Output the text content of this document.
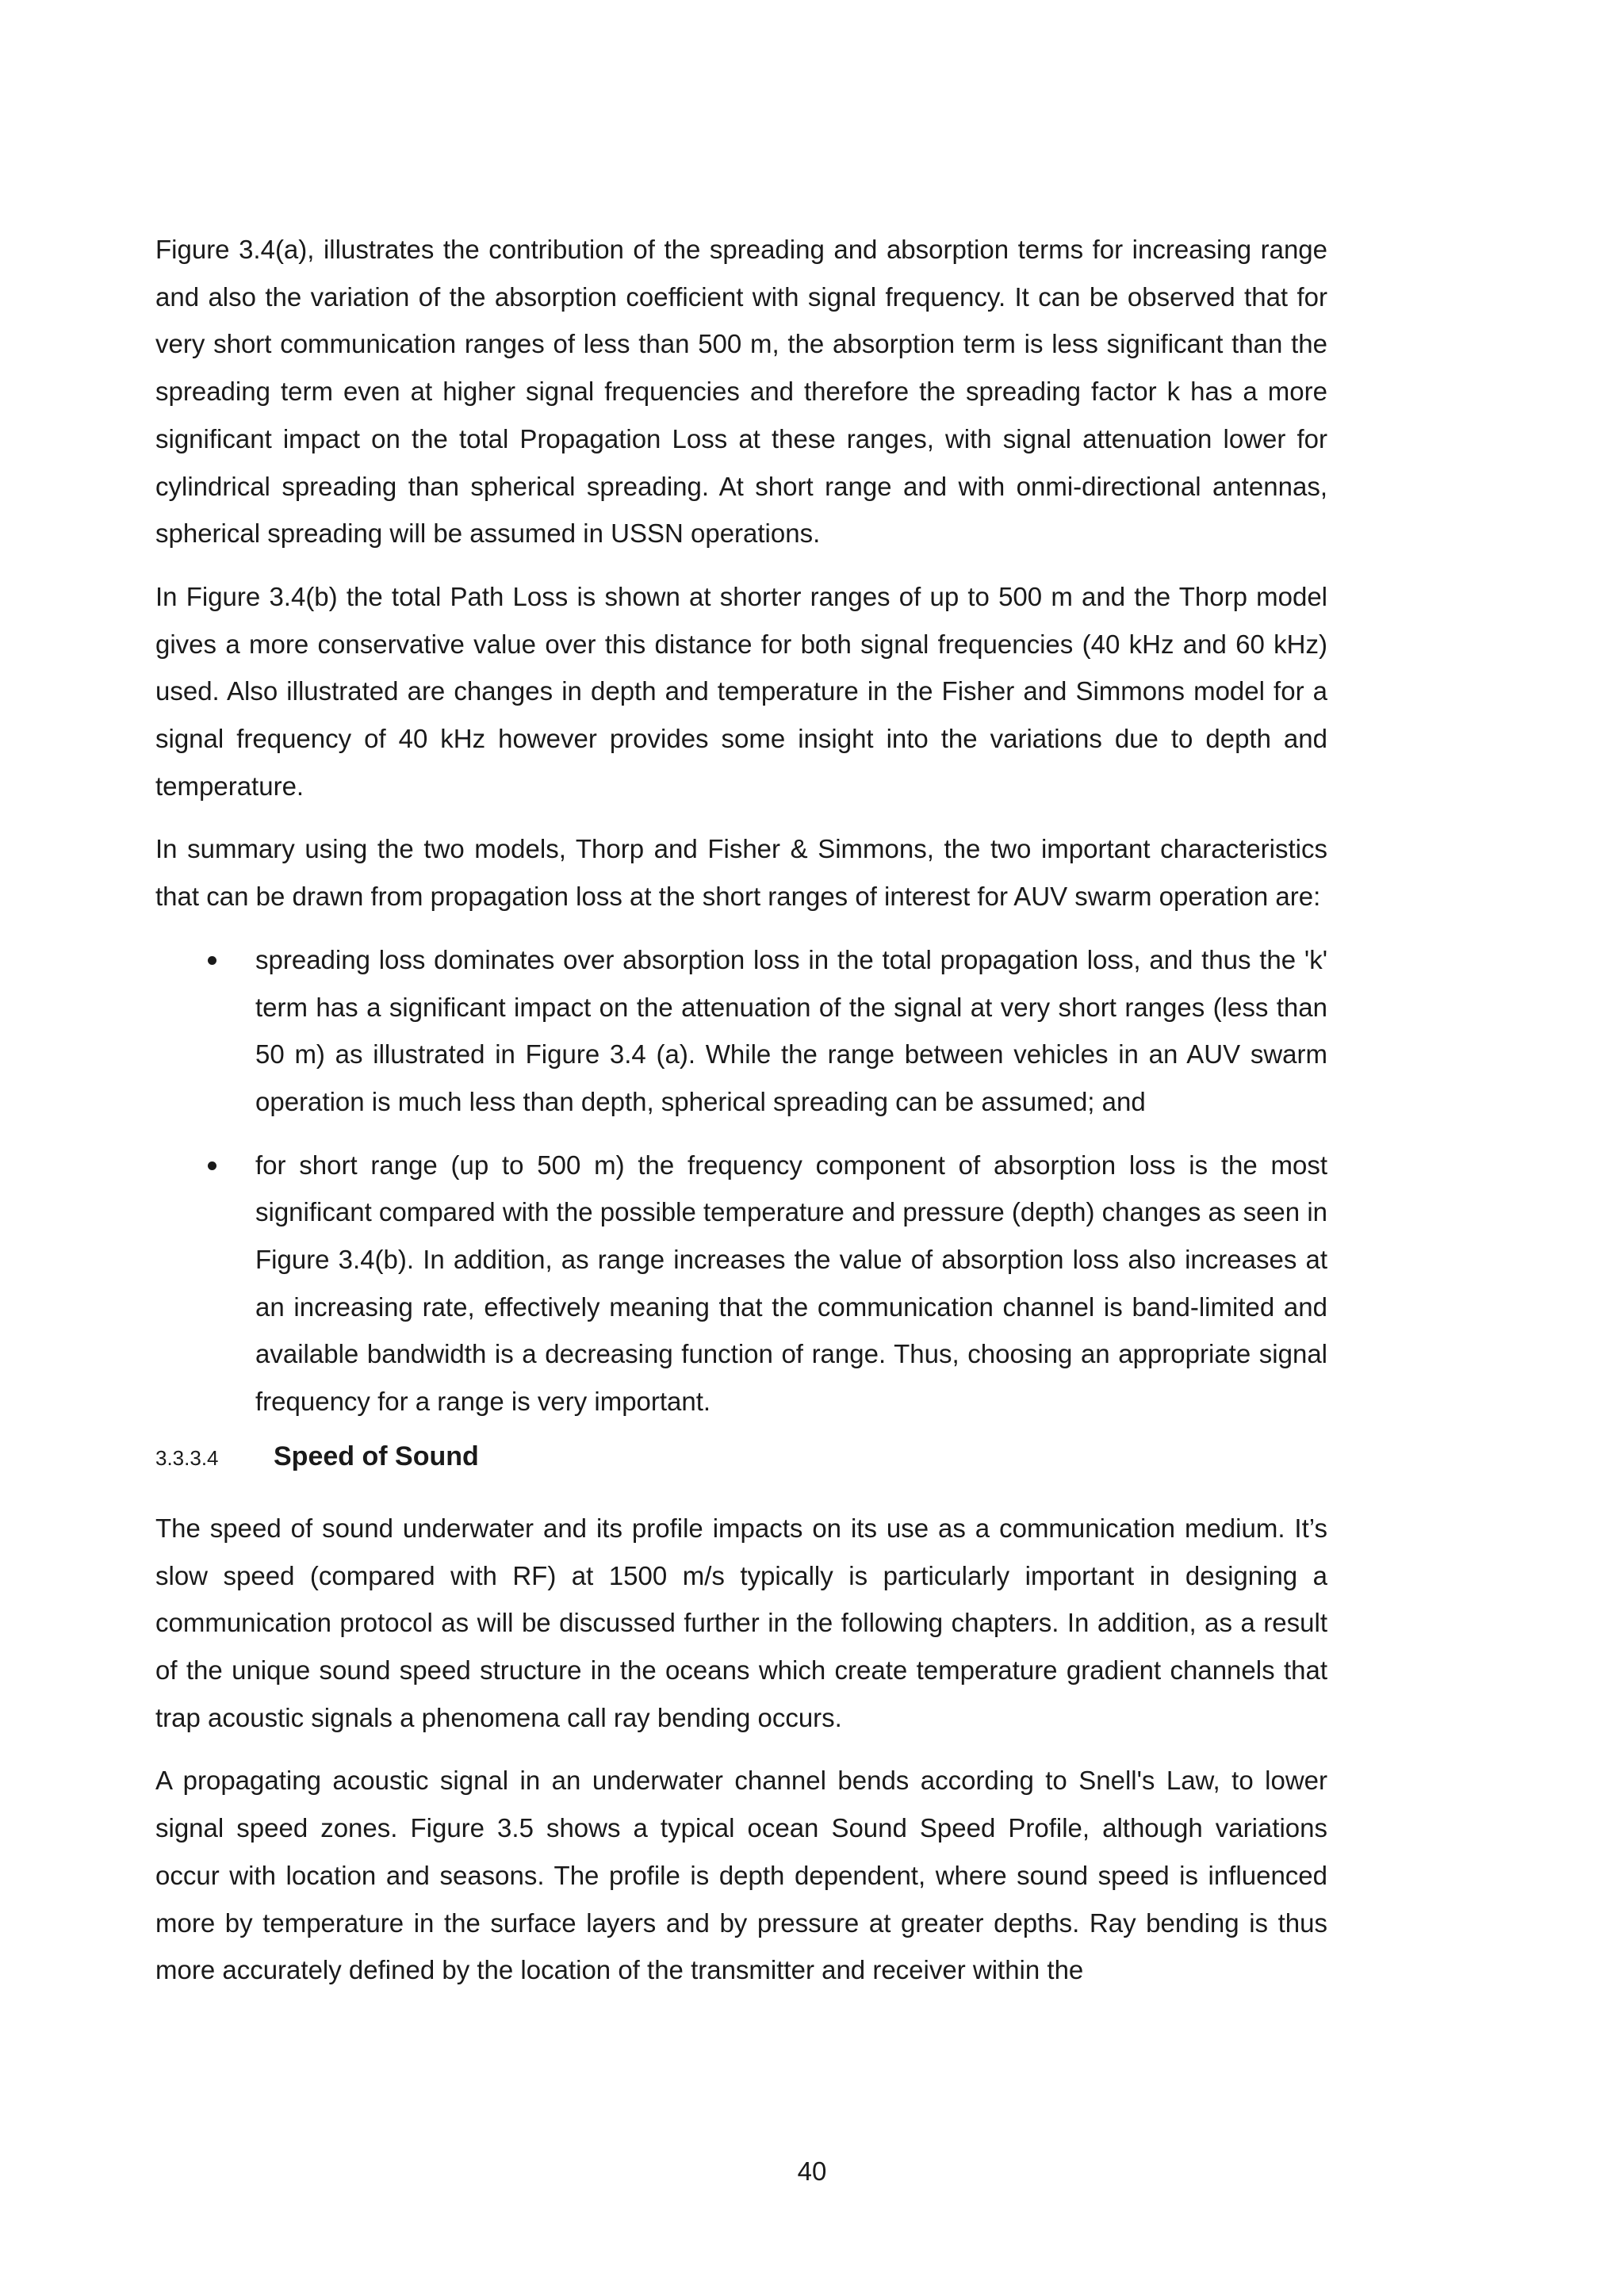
Figure 3.4(a), illustrates the contribution of the spreading and absorption terms for increasing range and also the variation of the absorption coefficient with signal frequency. It can be observed that for very short communication ranges of less than 500 m, the absorption term is less significant than the spreading term even at higher signal frequencies and therefore the spreading factor k has a more significant impact on the total Propagation Loss at these ranges, with signal attenuation lower for cylindrical spreading than spherical spreading. At short range and with onmi-directional antennas, spherical spreading will be assumed in USSN operations.

In Figure 3.4(b) the total Path Loss is shown at shorter ranges of up to 500 m and the Thorp model gives a more conservative value over this distance for both signal frequencies (40 kHz and 60 kHz) used. Also illustrated are changes in depth and temperature in the Fisher and Simmons model for a signal frequency of 40 kHz however provides some insight into the variations due to depth and temperature.

In summary using the two models, Thorp and Fisher & Simmons, the two important characteristics that can be drawn from propagation loss at the short ranges of interest for AUV swarm operation are:

spreading loss dominates over absorption loss in the total propagation loss, and thus the 'k' term has a significant impact on the attenuation of the signal at very short ranges (less than 50 m) as illustrated in Figure 3.4 (a). While the range between vehicles in an AUV swarm operation is much less than depth, spherical spreading can be assumed; and
for short range (up to 500 m) the frequency component of absorption loss is the most significant compared with the possible temperature and pressure (depth) changes as seen in Figure 3.4(b). In addition, as range increases the value of absorption loss also increases at an increasing rate, effectively meaning that the communication channel is band-limited and available bandwidth is a decreasing function of range. Thus, choosing an appropriate signal frequency for a range is very important.
3.3.3.4	Speed of Sound

The speed of sound underwater and its profile impacts on its use as a communication medium. It’s slow speed (compared with RF) at 1500 m/s typically is particularly important in designing a communication protocol as will be discussed further in the following chapters. In addition, as a result of the unique sound speed structure in the oceans which create temperature gradient channels that trap acoustic signals a phenomena call ray bending occurs.

A propagating acoustic signal in an underwater channel bends according to Snell's Law, to lower signal speed zones. Figure 3.5 shows a typical ocean Sound Speed Profile, although variations occur with location and seasons. The profile is depth dependent, where sound speed is influenced more by temperature in the surface layers and by pressure at greater depths. Ray bending is thus more accurately defined by the location of the transmitter and receiver within the

40
